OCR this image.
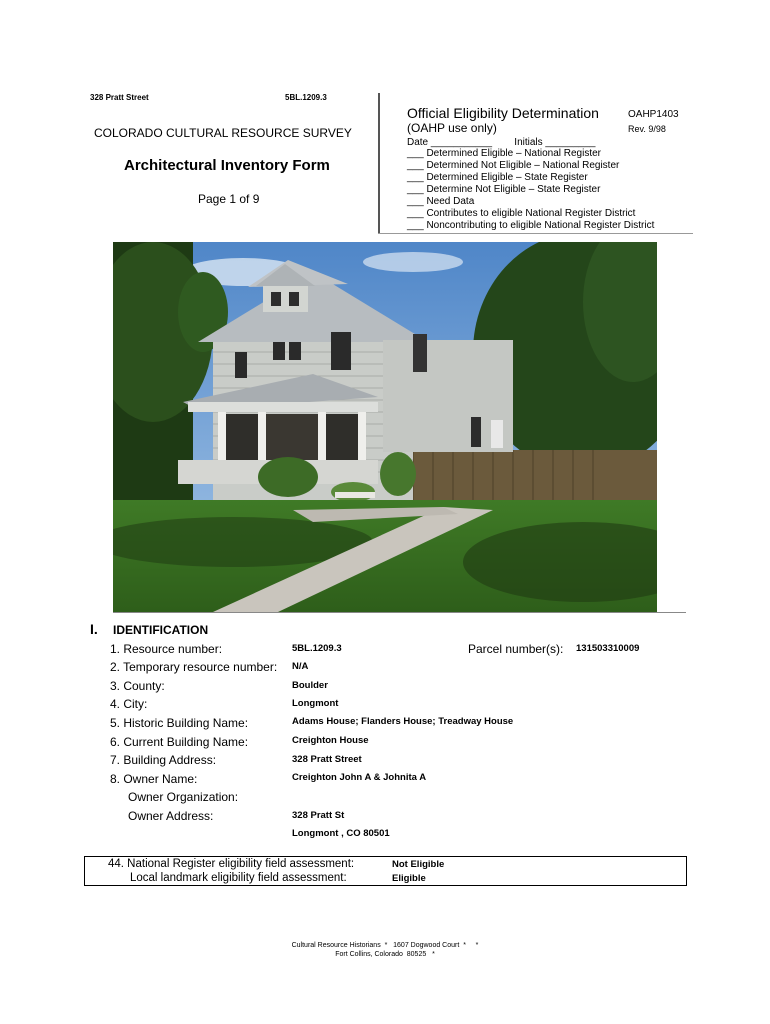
328 Pratt Street	5BL.1209.3
COLORADO CULTURAL RESOURCE SURVEY
Architectural Inventory Form
Page 1 of 9
Official Eligibility Determination	OAHP1403
(OAHP use only)	Rev. 9/98
Date ___________        Initials _________
___ Determined Eligible – National Register
___ Determined Not Eligible – National Register
___ Determined Eligible – State Register
___ Determine Not Eligible – State Register
___ Need Data
___ Contributes to eligible National Register District
___ Noncontributing to eligible National Register District
I. IDENTIFICATION
1. Resource number:	5BL.1209.3	Parcel number(s): 131503310009
2. Temporary resource number: N/A
3. County:	Boulder
4. City:	Longmont
5. Historic Building Name:	Adams House; Flanders House; Treadway House
6. Current Building Name:	Creighton House
7. Building Address:	328 Pratt Street
8. Owner Name:	Creighton John A & Johnita A
Owner Organization:
Owner Address:	328 Pratt St
Longmont , CO 80501
44. National Register eligibility field assessment:	Not Eligible
Local landmark eligibility field assessment:	Eligible
Cultural Resource Historians  *   1607 Dogwood Court  *     *
Fort Collins, Colorado  80525   *
